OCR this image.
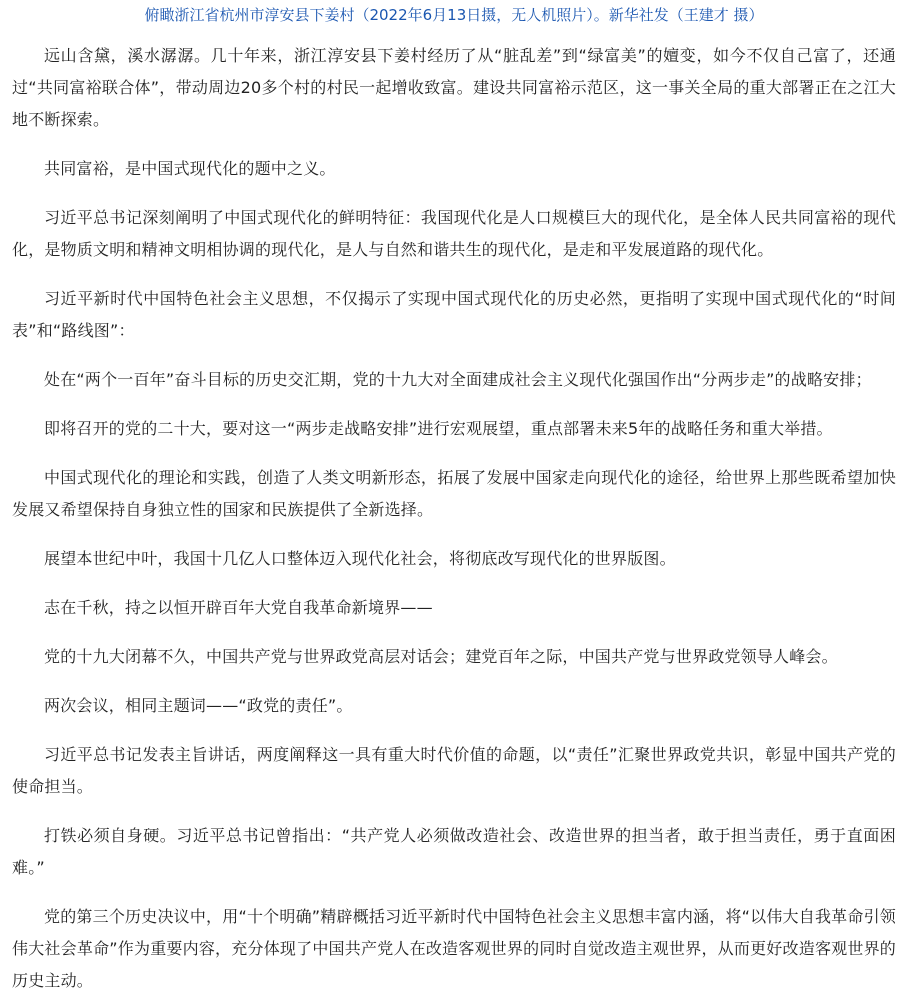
俯瞰浙江省杭州市淳安县下姜村（2022年6月13日摄，无人机照片）。新华社发（王建才 摄）

远山含黛，溪水潺潺。几十年来，浙江淳安县下姜村经历了从“脏乱差”到“绿富美”的嬗变，如今不仅自己富了，还通过“共同富裕联合体”，带动周边20多个村的村民一起增收致富。建设共同富裕示范区，这一事关全局的重大部署正在之江大地不断探索。

共同富裕，是中国式现代化的题中之义。

习近平总书记深刻阐明了中国式现代化的鲜明特征：我国现代化是人口规模巨大的现代化，是全体人民共同富裕的现代化，是物质文明和精神文明相协调的现代化，是人与自然和谐共生的现代化，是走和平发展道路的现代化。

习近平新时代中国特色社会主义思想，不仅揭示了实现中国式现代化的历史必然，更指明了实现中国式现代化的“时间表”和“路线图”：

处在“两个一百年”奋斗目标的历史交汇期，党的十九大对全面建成社会主义现代化强国作出“分两步走”的战略安排；

即将召开的党的二十大，要对这一“两步走战略安排”进行宏观展望，重点部署未来5年的战略任务和重大举措。

中国式现代化的理论和实践，创造了人类文明新形态，拓展了发展中国家走向现代化的途径，给世界上那些既希望加快发展又希望保持自身独立性的国家和民族提供了全新选择。

展望本世纪中叶，我国十几亿人口整体迈入现代化社会，将彻底改写现代化的世界版图。

志在千秋，持之以恒开辟百年大党自我革命新境界——

党的十九大闭幕不久，中国共产党与世界政党高层对话会；建党百年之际，中国共产党与世界政党领导人峰会。

两次会议，相同主题词——“政党的责任”。

习近平总书记发表主旨讲话，两度阐释这一具有重大时代价值的命题，以“责任”汇聚世界政党共识，彰显中国共产党的使命担当。

打铁必须自身硬。习近平总书记曾指出：“共产党人必须做改造社会、改造世界的担当者，敢于担当责任，勇于直面困难。”

党的第三个历史决议中，用“十个明确”精辟概括习近平新时代中国特色社会主义思想丰富内涵，将“以伟大自我革命引领伟大社会革命”作为重要内容，充分体现了中国共产党人在改造客观世界的同时自觉改造主观世界，从而更好改造客观世界的历史主动。
